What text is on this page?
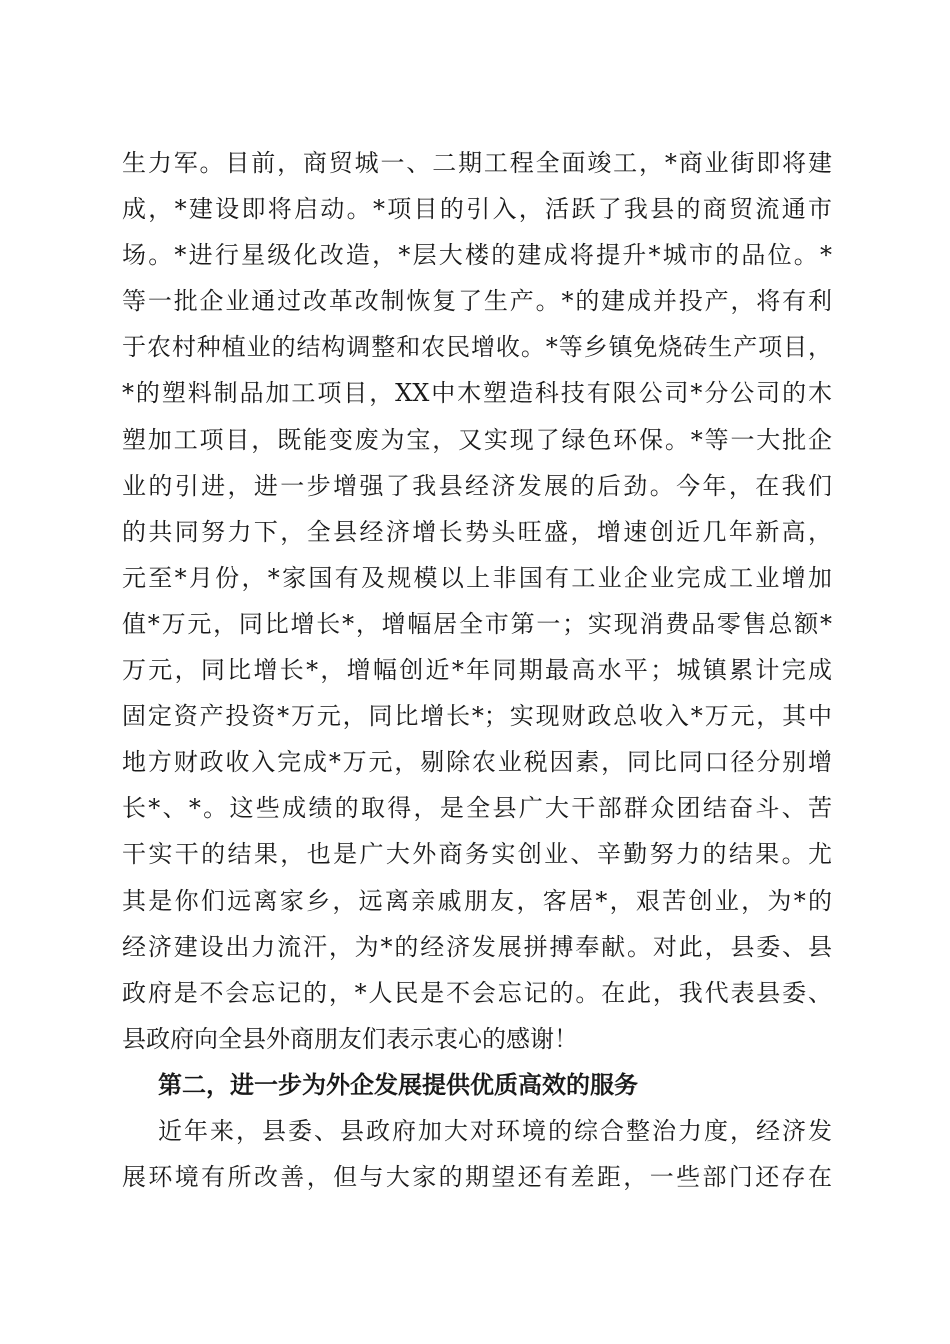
生力军。目前，商贸城一、二期工程全面竣工，*商业街即将建
成，*建设即将启动。*项目的引入，活跃了我县的商贸流通市
场。*进行星级化改造，*层大楼的建成将提升*城市的品位。*
等一批企业通过改革改制恢复了生产。*的建成并投产，将有利
于农村种植业的结构调整和农民增收。*等乡镇免烧砖生产项目，
*的塑料制品加工项目，XX中木塑造科技有限公司*分公司的木
塑加工项目，既能变废为宝，又实现了绿色环保。*等一大批企
业的引进，进一步增强了我县经济发展的后劲。今年，在我们
的共同努力下，全县经济增长势头旺盛，增速创近几年新高，
元至*月份，*家国有及规模以上非国有工业企业完成工业增加
值*万元，同比增长*，增幅居全市第一；实现消费品零售总额*
万元，同比增长*，增幅创近*年同期最高水平；城镇累计完成
固定资产投资*万元，同比增长*；实现财政总收入*万元，其中
地方财政收入完成*万元，剔除农业税因素，同比同口径分别增
长*、*。这些成绩的取得，是全县广大干部群众团结奋斗、苦
干实干的结果，也是广大外商务实创业、辛勤努力的结果。尤
其是你们远离家乡，远离亲戚朋友，客居*，艰苦创业，为*的
经济建设出力流汗，为*的经济发展拼搏奉献。对此，县委、县
政府是不会忘记的，*人民是不会忘记的。在此，我代表县委、
县政府向全县外商朋友们表示衷心的感谢！
第二，进一步为外企发展提供优质高效的服务
近年来，县委、县政府加大对环境的综合整治力度，经济发
展环境有所改善，但与大家的期望还有差距，一些部门还存在
